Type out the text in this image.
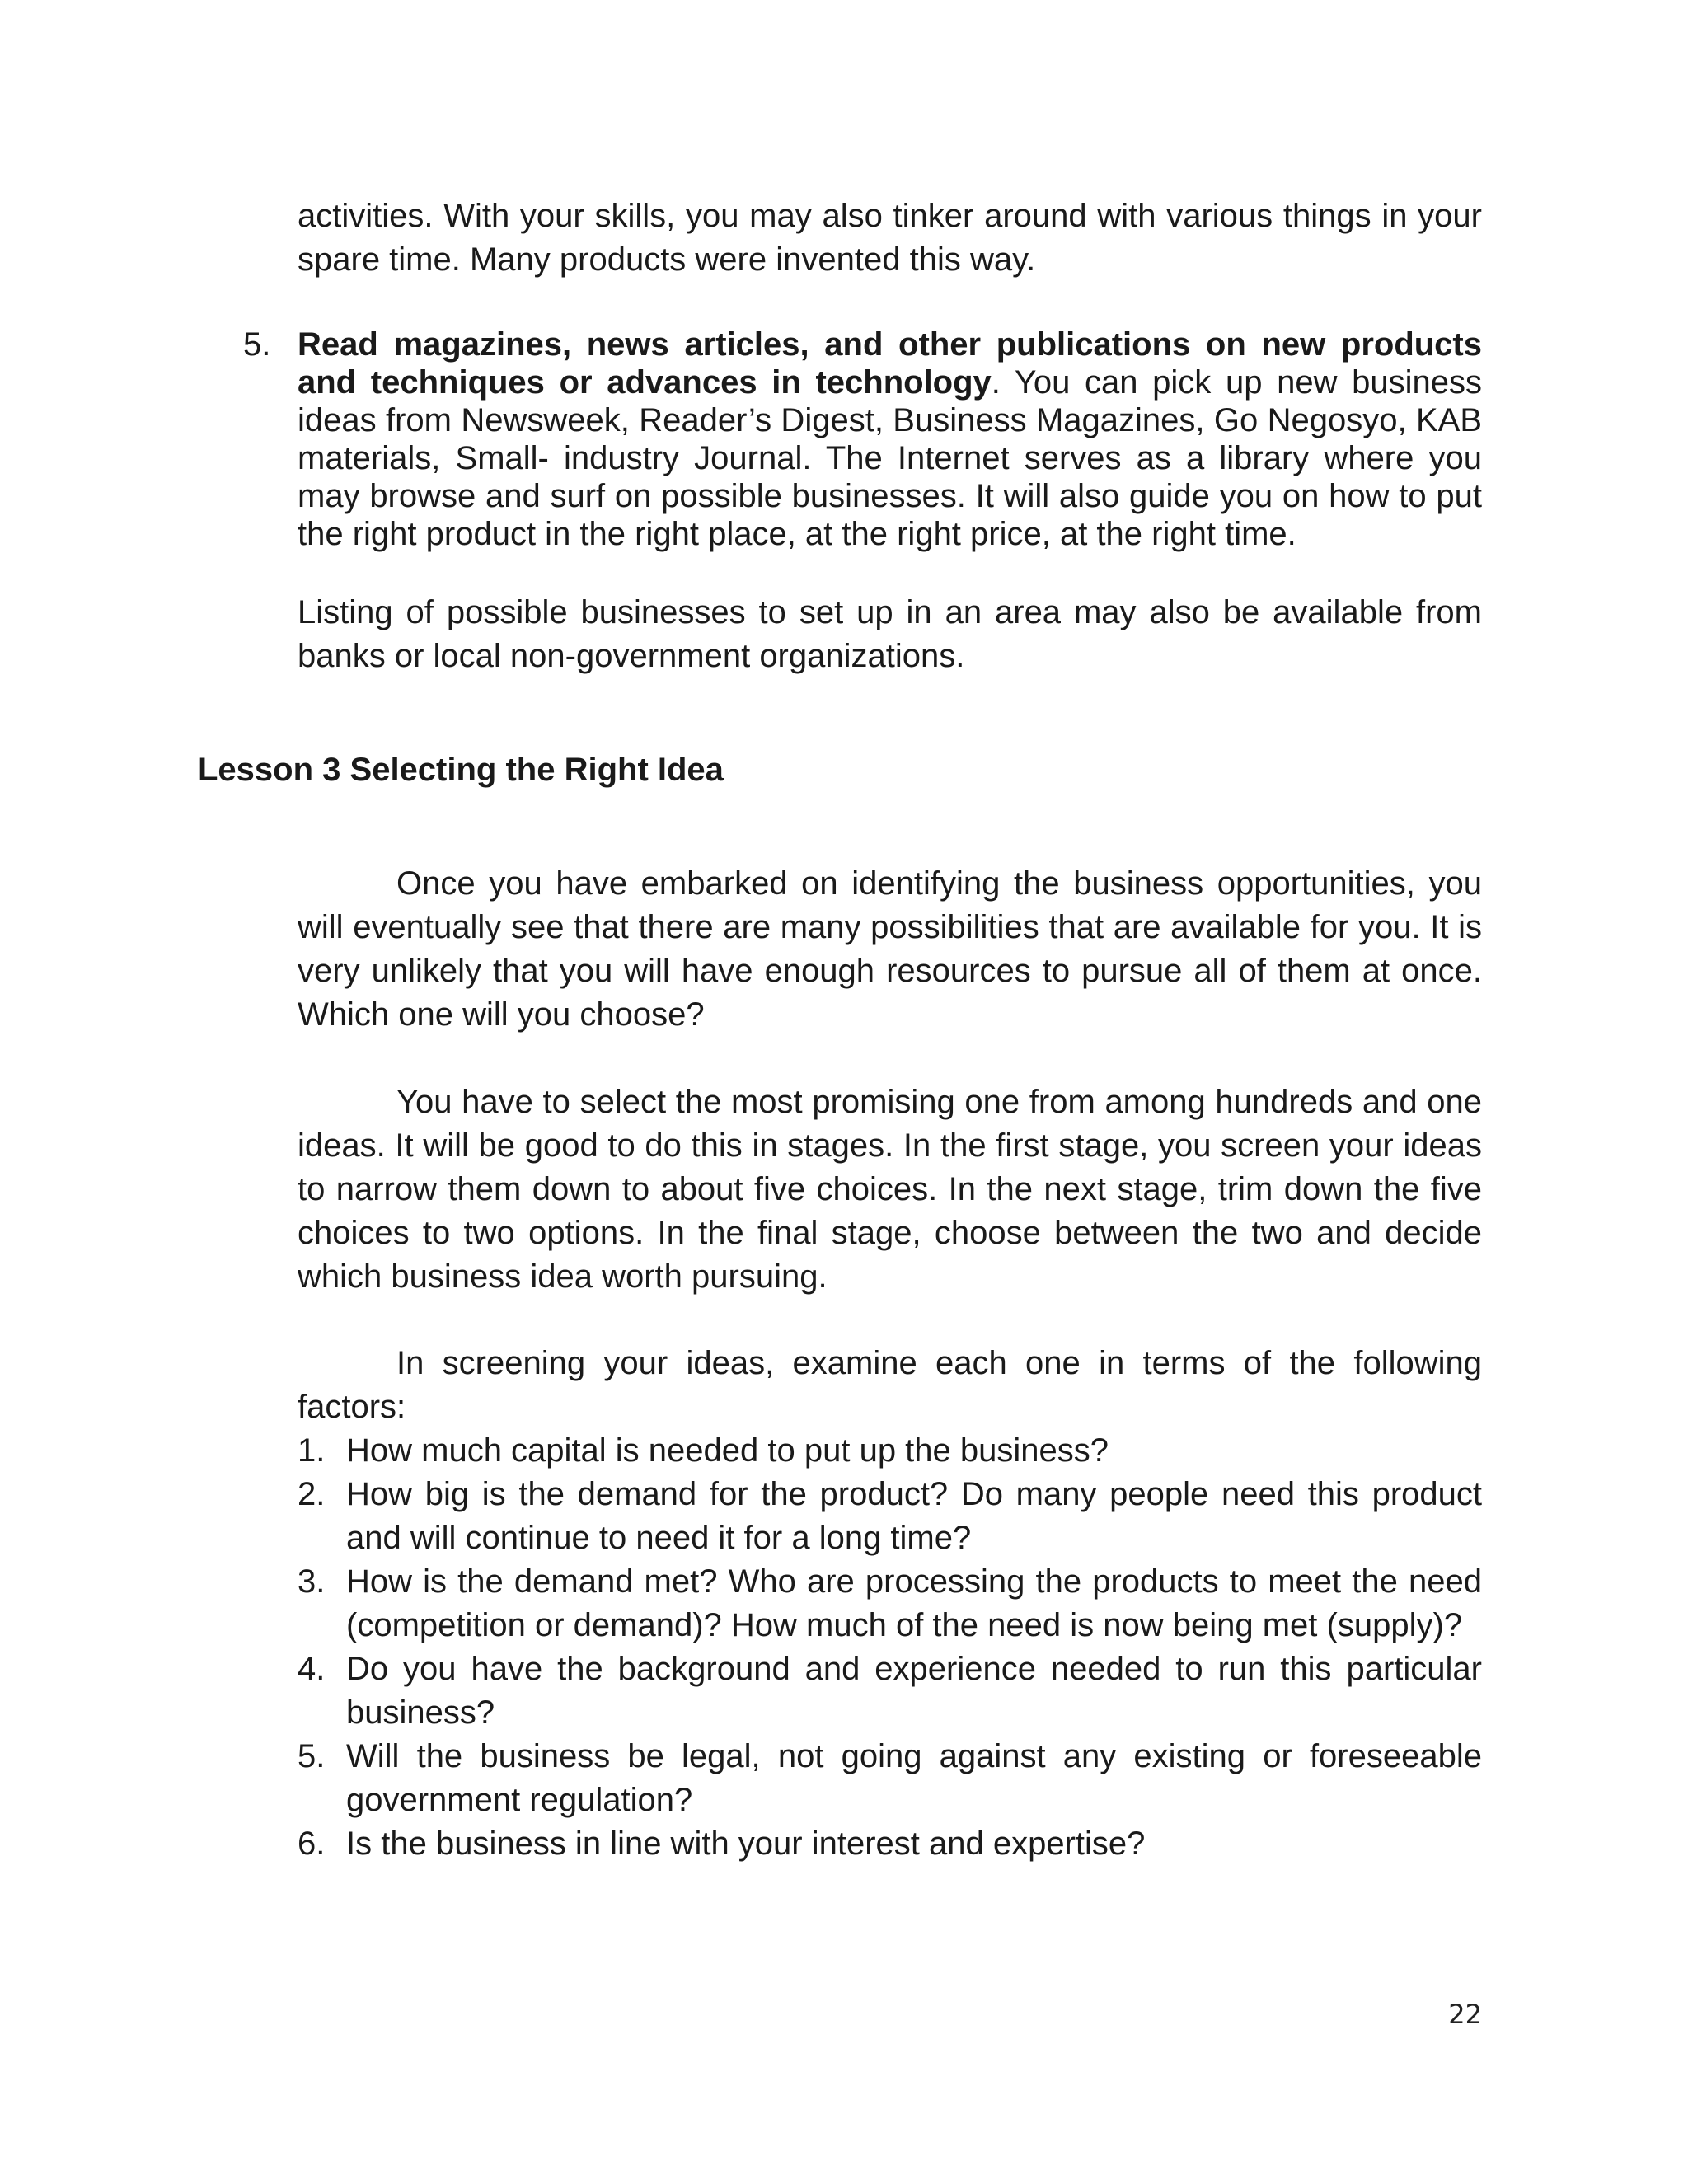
activities. With your skills, you may also tinker around with various things in your spare time. Many products were invented this way.
5. Read magazines, news articles, and other publications on new products and techniques or advances in technology. You can pick up new business ideas from Newsweek, Reader’s Digest, Business Magazines, Go Negosyo, KAB materials, Small- industry Journal. The Internet serves as a library where you may browse and surf on possible businesses. It will also guide you on how to put the right product in the right place, at the right price, at the right time.
Listing of possible businesses to set up in an area may also be available from banks or local non-government organizations.
Lesson 3 Selecting the Right Idea
Once you have embarked on identifying the business opportunities, you will eventually see that there are many possibilities that are available for you. It is very unlikely that you will have enough resources to pursue all of them at once. Which one will you choose?
You have to select the most promising one from among hundreds and one ideas. It will be good to do this in stages. In the first stage, you screen your ideas to narrow them down to about five choices. In the next stage, trim down the five choices to two options. In the final stage, choose between the two and decide which business idea worth pursuing.
In screening your ideas, examine each one in terms of the following factors:
1. How much capital is needed to put up the business?
2. How big is the demand for the product? Do many people need this product and will continue to need it for a long time?
3. How is the demand met? Who are processing the products to meet the need (competition or demand)? How much of the need is now being met (supply)?
4. Do you have the background and experience needed to run this particular business?
5. Will the business be legal, not going against any existing or foreseeable government regulation?
6. Is the business in line with your interest and expertise?
22
